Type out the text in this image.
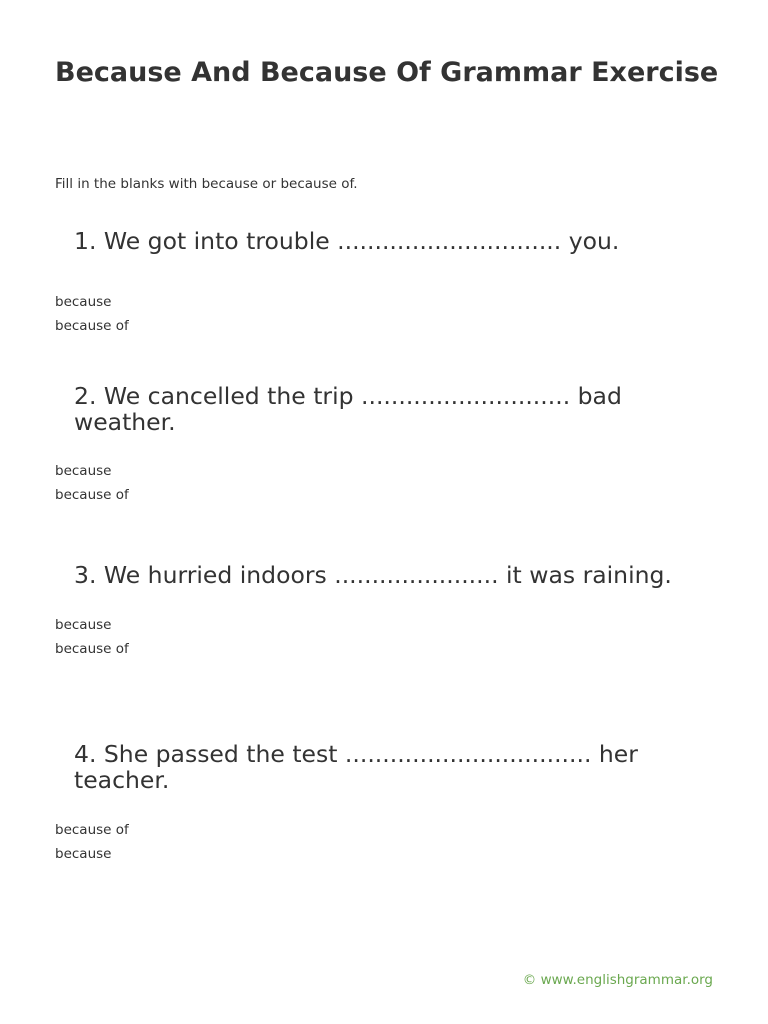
Because And Because Of Grammar Exercise

Fill in the blanks with because or because of.

1. We got into trouble .............................. you.

because
because of

2. We cancelled the trip ............................ bad weather.

because
because of

3. We hurried indoors ...................... it was raining.

because
because of

4. She passed the test ................................. her teacher.

because of
because
© www.englishgrammar.org
